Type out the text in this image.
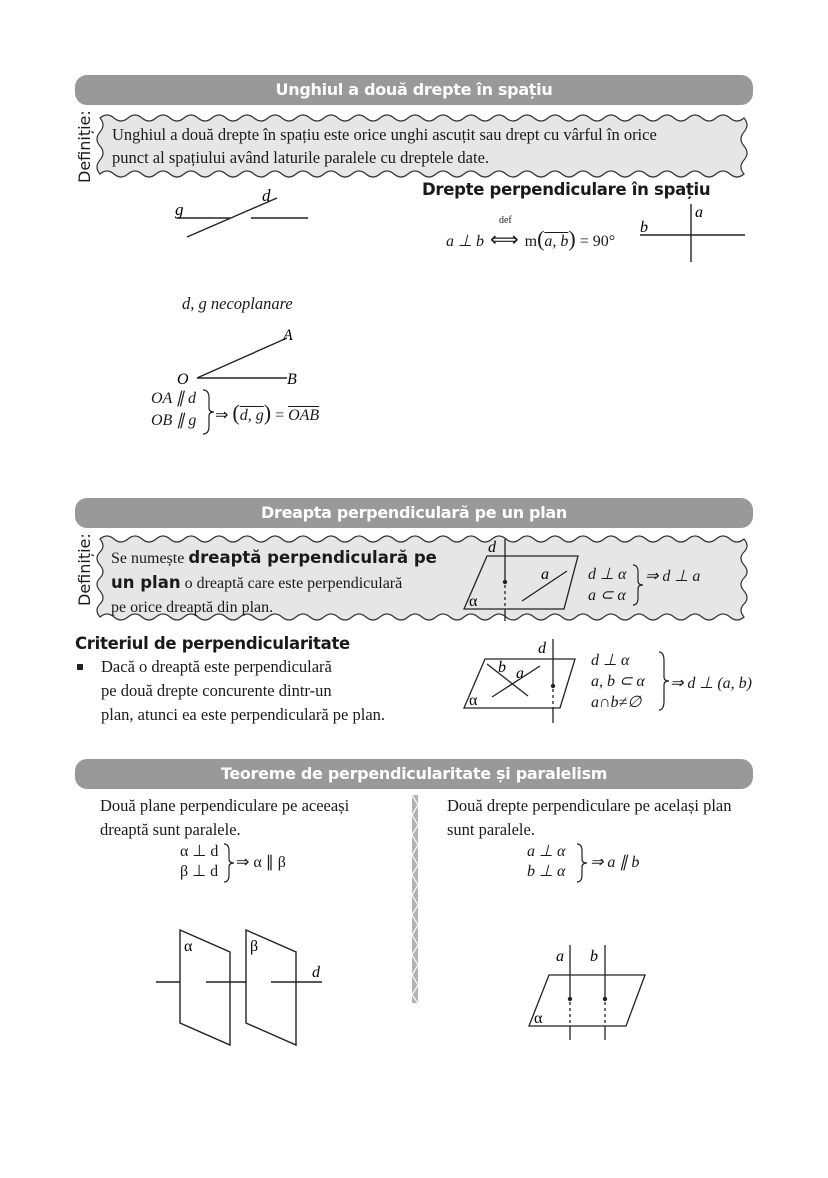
Unghiul a două drepte în spațiu
Definiție: Unghiul a două drepte în spațiu este orice unghi ascuțit sau drept cu vârful în orice
punct al spațiului având laturile paralele cu dreptele date.
g
d
d, g necoplanare
O
A
B
OA ∥ d
OB ∥ g ⇒ (d, $g) = \overline{OAB}$
Drepte perpendiculare în spațiu
a ⊥ b
def
⟺ m(a, b) = 90°
b
a
Dreapta perpendiculară pe un plan
Definiție: Se numește dreaptă perpendiculară pe
un plan o dreaptă care este perpendiculară
pe orice dreaptă din plan.
d
a
α
d ⊥ α
a ⊂ α
⇒ d ⊥ a
Criteriul de perpendicularitate
Dacă o dreaptă este perpendiculară
pe două drepte concurente dintr-un
plan, atunci ea este perpendiculară pe plan.
d
b a
α
d ⊥ α
a, b ⊂ α
a∩b≠∅
⇒ d ⊥ (a, b)
Teoreme de perpendicularitate și paralelism
Două plane perpendiculare pe aceeași
dreaptă sunt paralele.
α ⊥ d
β ⊥ d
⇒ α ∥ β
α	β
d
Două drepte perpendiculare pe același plan
sunt paralele.
a ⊥ α
b ⊥ α
⇒ a ∥ b
a b
α
